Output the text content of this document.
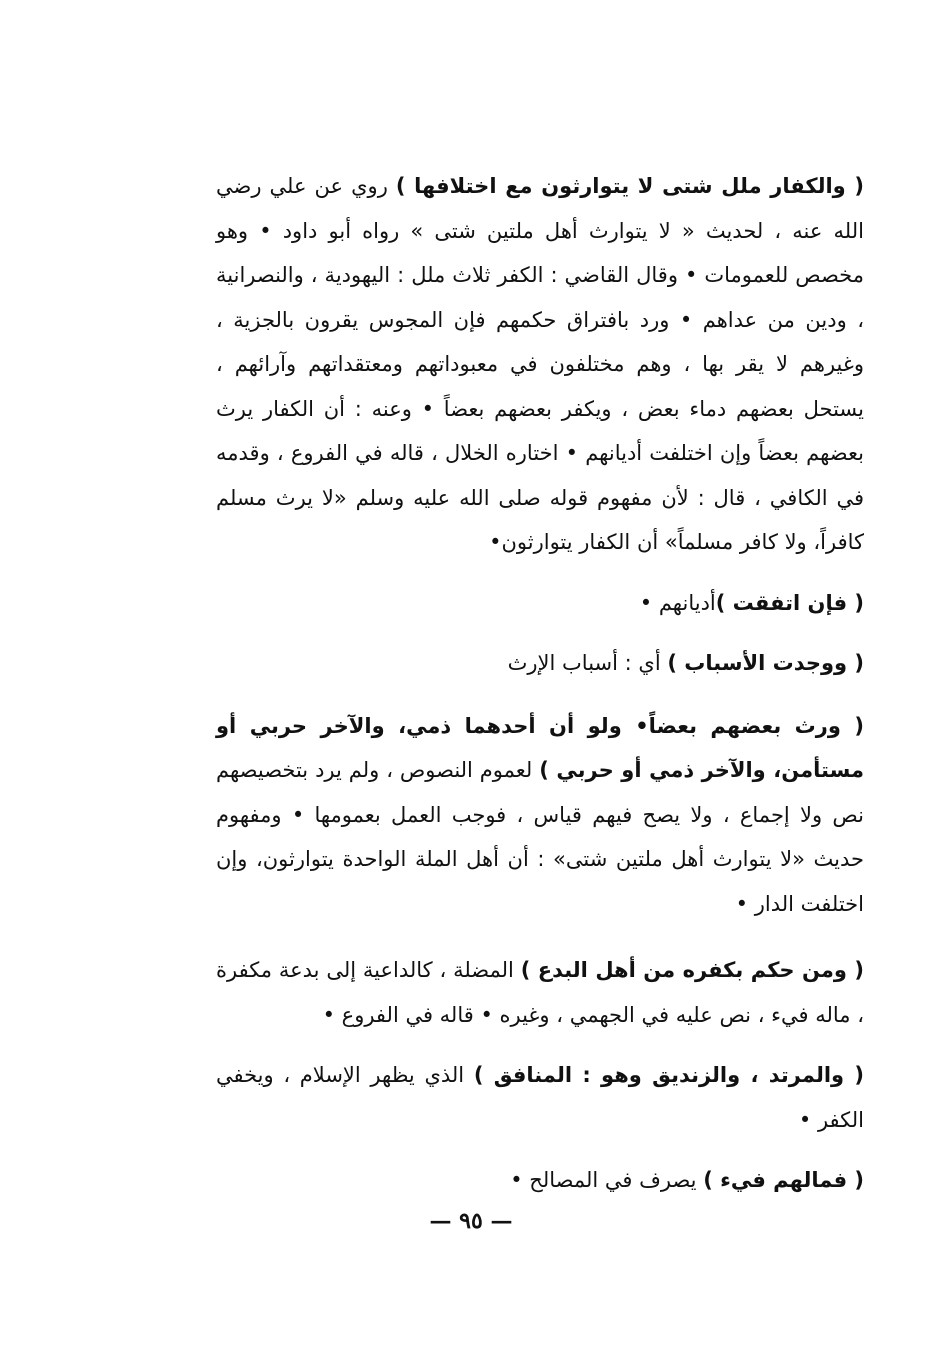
( والكفار ملل شتى لا يتوارثون مع اختلافها ) روي عن علي رضي الله عنه ، لحديث « لا يتوارث أهل ملتين شتى » رواه أبو داود • وهو مخصص للعمومات • وقال القاضي : الكفر ثلاث ملل : اليهودية ، والنصرانية ، ودين من عداهم • ورد بافتراق حكمهم فإن المجوس يقرون بالجزية ، وغيرهم لا يقر بها ، وهم مختلفون في معبوداتهم ومعتقداتهم وآرائهم ، يستحل بعضهم دماء بعض ، ويكفر بعضهم بعضاً • وعنه : أن الكفار يرث بعضهم بعضاً وإن اختلفت أديانهم • اختاره الخلال ، قاله في الفروع ، وقدمه في الكافي ، قال : لأن مفهوم قوله صلى الله عليه وسلم «لا يرث مسلم كافراً، ولا كافر مسلماً» أن الكفار يتوارثون•

( فإن اتفقت )أديانهم •

( ووجدت الأسباب ) أي : أسباب الإرث

( ورث بعضهم بعضاً• ولو أن أحدهما ذمي، والآخر حربي أو مستأمن، والآخر ذمي أو حربي ) لعموم النصوص ، ولم يرد بتخصيصهم نص ولا إجماع ، ولا يصح فيهم قياس ، فوجب العمل بعمومها • ومفهوم حديث «لا يتوارث أهل ملتين شتى» : أن أهل الملة الواحدة يتوارثون، وإن اختلفت الدار •

( ومن حكم بكفره من أهل البدع ) المضلة ، كالداعية إلى بدعة مكفرة ، ماله فيء ، نص عليه في الجهمي ، وغيره • قاله في الفروع •

( والمرتد ، والزنديق وهو : المنافق ) الذي يظهر الإسلام ، ويخفي الكفر •

( فمالهم فيء ) يصرف في المصالح •

— ٩٥ —
